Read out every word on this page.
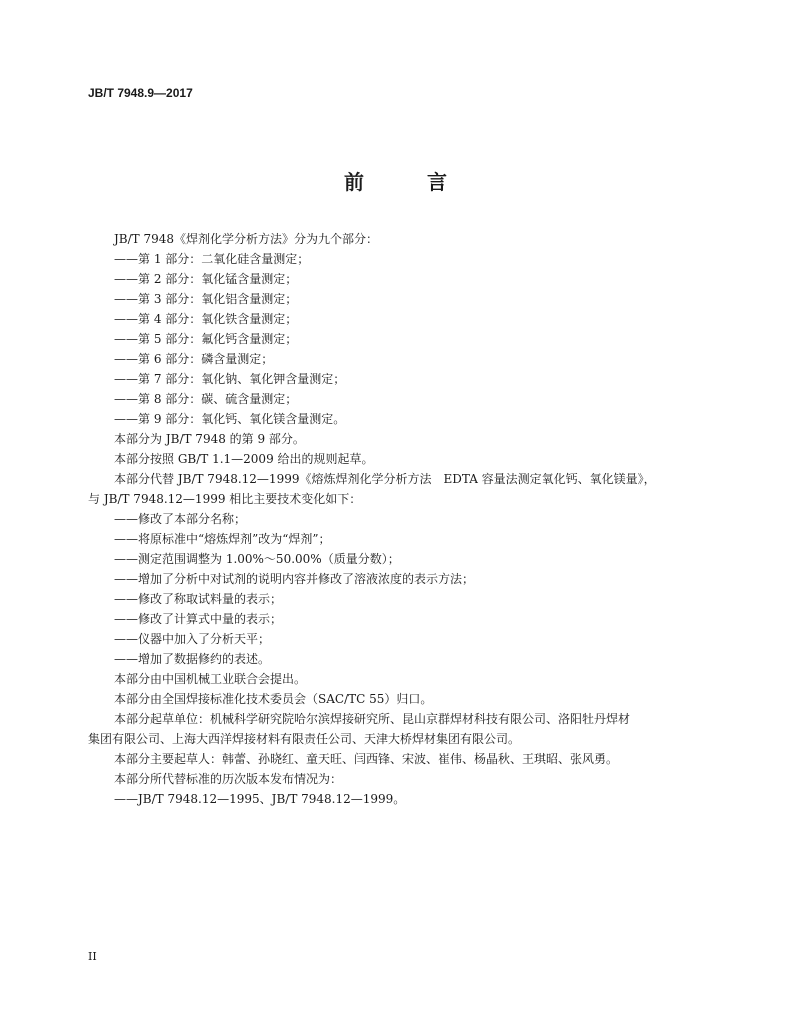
JB/T 7948.9—2017
前 言
JB/T 7948《焊剂化学分析方法》分为九个部分：
——第 1 部分：二氧化硅含量测定；
——第 2 部分：氧化锰含量测定；
——第 3 部分：氧化铝含量测定；
——第 4 部分：氧化铁含量测定；
——第 5 部分：氟化钙含量测定；
——第 6 部分：磷含量测定；
——第 7 部分：氧化钠、氧化钾含量测定；
——第 8 部分：碳、硫含量测定；
——第 9 部分：氧化钙、氧化镁含量测定。
本部分为 JB/T 7948 的第 9 部分。
本部分按照 GB/T 1.1—2009 给出的规则起草。
本部分代替 JB/T 7948.12—1999《熔炼焊剂化学分析方法　EDTA 容量法测定氧化钙、氧化镁量》，
与 JB/T 7948.12—1999 相比主要技术变化如下：
——修改了本部分名称；
——将原标准中“熔炼焊剂”改为“焊剂”；
——测定范围调整为 1.00%～50.00%（质量分数）；
——增加了分析中对试剂的说明内容并修改了溶液浓度的表示方法；
——修改了称取试料量的表示；
——修改了计算式中量的表示；
——仪器中加入了分析天平；
——增加了数据修约的表述。
本部分由中国机械工业联合会提出。
本部分由全国焊接标准化技术委员会（SAC/TC 55）归口。
本部分起草单位：机械科学研究院哈尔滨焊接研究所、昆山京群焊材科技有限公司、洛阳牡丹焊材
集团有限公司、上海大西洋焊接材料有限责任公司、天津大桥焊材集团有限公司。
本部分主要起草人：韩蕾、孙晓红、童天旺、闫西锋、宋波、崔伟、杨晶秋、王琪昭、张风勇。
本部分所代替标准的历次版本发布情况为：
——JB/T 7948.12—1995、JB/T 7948.12—1999。
II
